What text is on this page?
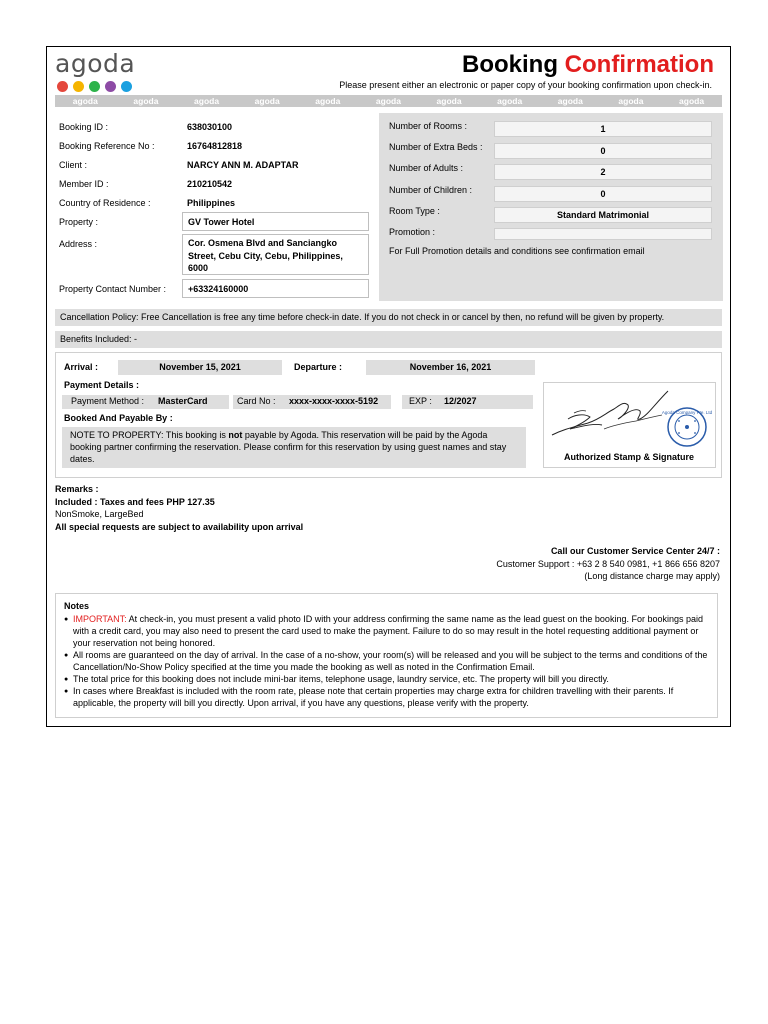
agoda	Booking Confirmation
Please present either an electronic or paper copy of your booking confirmation upon check-in.
agoda	agoda	agoda	agoda	agoda	agoda	agoda	agoda	agoda	agoda	agoda
Booking ID :	638030100
Booking Reference No :	16764812818
Client :	NARCY ANN M. ADAPTAR
Member ID :	210210542
Country of Residence :	Philippines
Property :	GV Tower Hotel
Address :	Cor. Osmena Blvd and Sanciangko Street, Cebu City, Cebu, Philippines, 6000
Property Contact Number :	+63324160000
Number of Rooms :	1
Number of Extra Beds :	0
Number of Adults :	2
Number of Children :	0
Room Type :	Standard Matrimonial
Promotion :
For Full Promotion details and conditions see confirmation email
Cancellation Policy: Free Cancellation is free any time before check-in date. If you do not check in or cancel by then, no refund will be given by property.
Benefits Included: -
Arrival :	November 15, 2021	Departure :	November 16, 2021
Payment Details :
Payment Method : MasterCard	Card No : xxxx-xxxx-xxxx-5192	EXP : 12/2027
Booked And Payable By :
NOTE TO PROPERTY: This booking is not payable by Agoda. This reservation will be paid by the Agoda booking partner confirming the reservation. Please confirm for this reservation by using guest names and stay dates.
Agoda Company Pte. Ltd
Authorized Stamp & Signature
Remarks :
Included : Taxes and fees PHP 127.35
NonSmoke, LargeBed
All special requests are subject to availability upon arrival
Call our Customer Service Center 24/7 :
Customer Support : +63 2 8 540 0981, +1 866 656 8207
(Long distance charge may apply)
Notes
● IMPORTANT: At check-in, you must present a valid photo ID with your address confirming the same name as the lead guest on the booking. For bookings paid with a credit card, you may also need to present the card used to make the payment. Failure to do so may result in the hotel requesting additional payment or your reservation not being honored.
● All rooms are guaranteed on the day of arrival. In the case of a no-show, your room(s) will be released and you will be subject to the terms and conditions of the Cancellation/No-Show Policy specified at the time you made the booking as well as noted in the Confirmation Email.
● The total price for this booking does not include mini-bar items, telephone usage, laundry service, etc. The property will bill you directly.
● In cases where Breakfast is included with the room rate, please note that certain properties may charge extra for children travelling with their parents. If applicable, the property will bill you directly. Upon arrival, if you have any questions, please verify with the property.
